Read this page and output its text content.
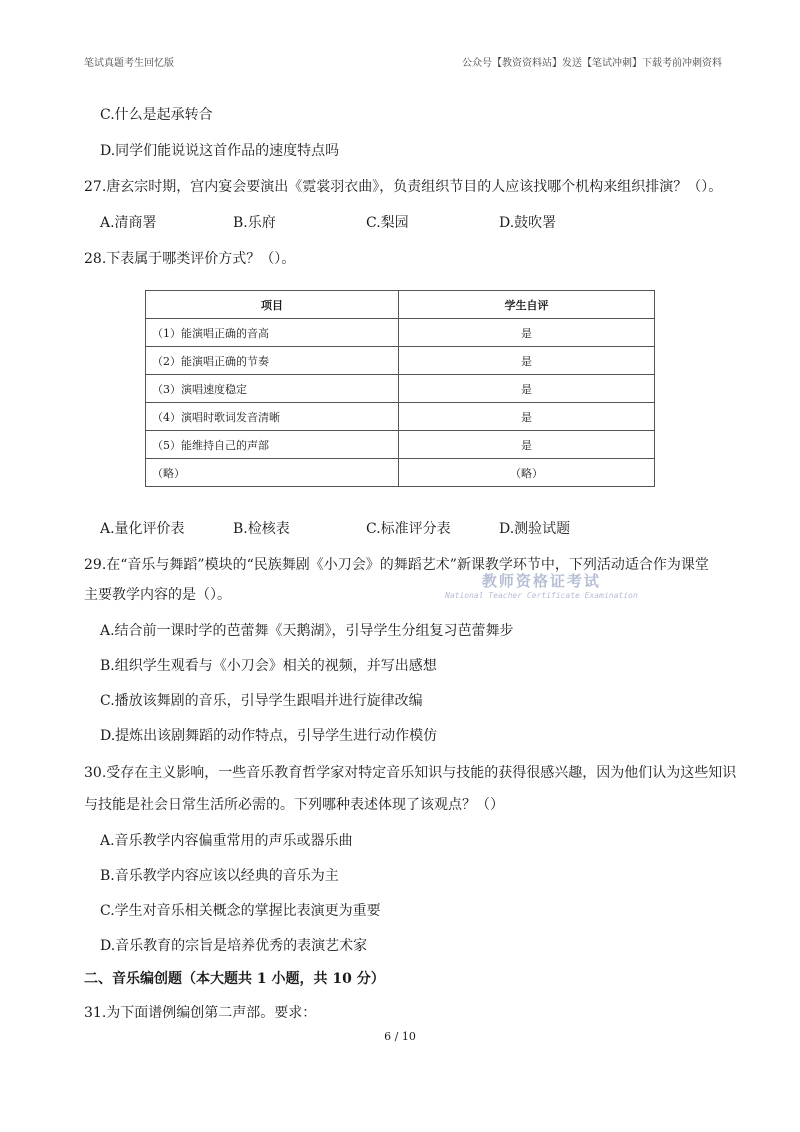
笔试真题考生回忆版	公众号【教资资料站】发送【笔试冲刺】下载考前冲刺资料
C.什么是起承转合
D.同学们能说说这首作品的速度特点吗
27.唐玄宗时期，宫内宴会要演出《霓裳羽衣曲》，负责组织节目的人应该找哪个机构来组织排演？（）。
A.清商署	B.乐府	C.梨园	D.鼓吹署
28.下表属于哪类评价方式？（）。
项目	学生自评
（1）能演唱正确的音高	是
（2）能演唱正确的节奏	是
（3）演唱速度稳定	是
（4）演唱时歌词发音清晰	是
（5）能维持自己的声部	是
（略）	（略）
A.量化评价表	B.检核表	C.标准评分表	D.测验试题
29.在“音乐与舞蹈”模块的“民族舞剧《小刀会》的舞蹈艺术”新课教学环节中，下列活动适合作为课堂
主要教学内容的是（）。
A.结合前一课时学的芭蕾舞《天鹅湖》，引导学生分组复习芭蕾舞步
B.组织学生观看与《小刀会》相关的视频，并写出感想
C.播放该舞剧的音乐，引导学生跟唱并进行旋律改编
D.提炼出该剧舞蹈的动作特点，引导学生进行动作模仿
教师资格证考试
National Teacher Certificate Examination
30.受存在主义影响，一些音乐教育哲学家对特定音乐知识与技能的获得很感兴趣，因为他们认为这些知识
与技能是社会日常生活所必需的。下列哪种表述体现了该观点？（）
A.音乐教学内容偏重常用的声乐或器乐曲
B.音乐教学内容应该以经典的音乐为主
C.学生对音乐相关概念的掌握比表演更为重要
D.音乐教育的宗旨是培养优秀的表演艺术家
二、音乐编创题（本大题共 1 小题，共 10 分）
31.为下面谱例编创第二声部。要求：
6 / 10
